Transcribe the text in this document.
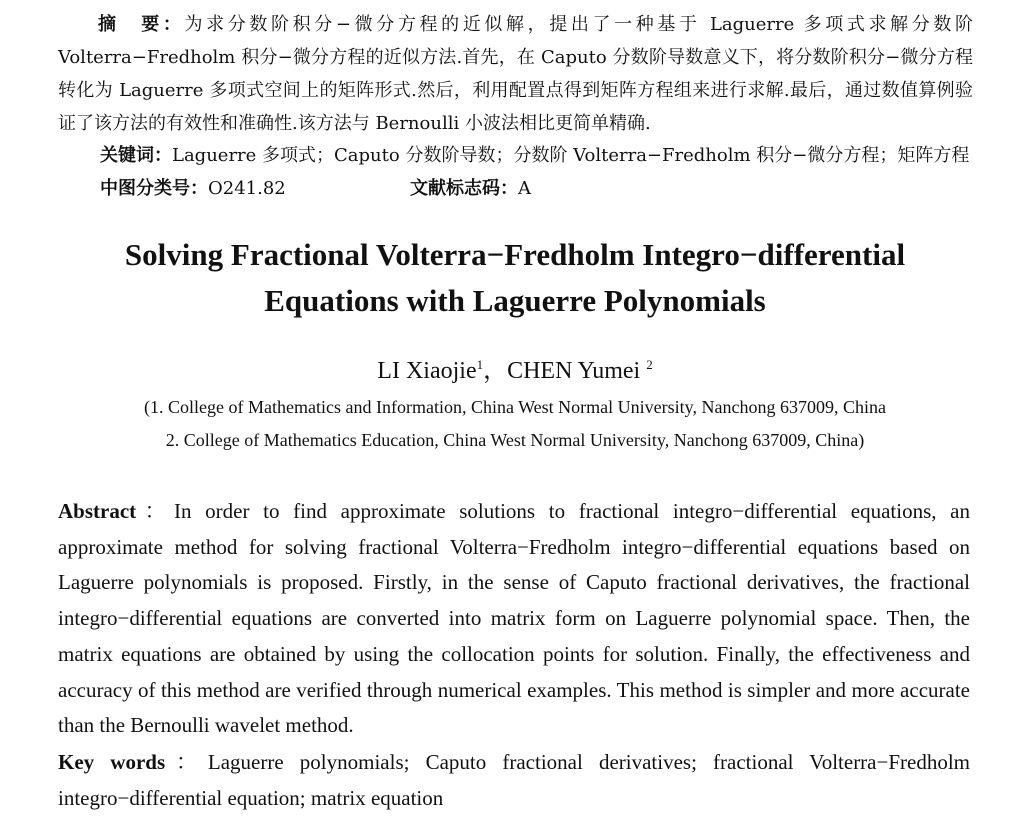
摘　要：为求分数阶积分−微分方程的近似解，提出了一种基于 Laguerre 多项式求解分数阶 Volterra−Fredholm 积分−微分方程的近似方法.首先，在 Caputo 分数阶导数意义下，将分数阶积分−微分方程转化为 Laguerre 多项式空间上的矩阵形式.然后，利用配置点得到矩阵方程组来进行求解.最后，通过数值算例验证了该方法的有效性和准确性.该方法与 Bernoulli 小波法相比更简单精确.
关键词：Laguerre 多项式；Caputo 分数阶导数；分数阶 Volterra−Fredholm 积分−微分方程；矩阵方程
中图分类号：O241.82	文献标志码：A
Solving Fractional Volterra−Fredholm Integro−differential
Equations with Laguerre Polynomials
LI Xiaojie$^1$，CHEN Yumei $^2$
(1. College of Mathematics and Information, China West Normal University, Nanchong 637009, China
2. College of Mathematics Education, China West Normal University, Nanchong 637009, China)
Abstract：In order to find approximate solutions to fractional integro−differential equations, an approximate method for solving fractional Volterra−Fredholm integro−differential equations based on Laguerre polynomials is proposed. Firstly, in the sense of Caputo fractional derivatives, the fractional integro−differential equations are converted into matrix form on Laguerre polynomial space. Then, the matrix equations are obtained by using the collocation points for solution. Finally, the effectiveness and accuracy of this method are verified through numerical examples. This method is simpler and more accurate than the Bernoulli wavelet method.
Key words：Laguerre polynomials; Caputo fractional derivatives; fractional Volterra−Fredholm integro−differential equation; matrix equation
